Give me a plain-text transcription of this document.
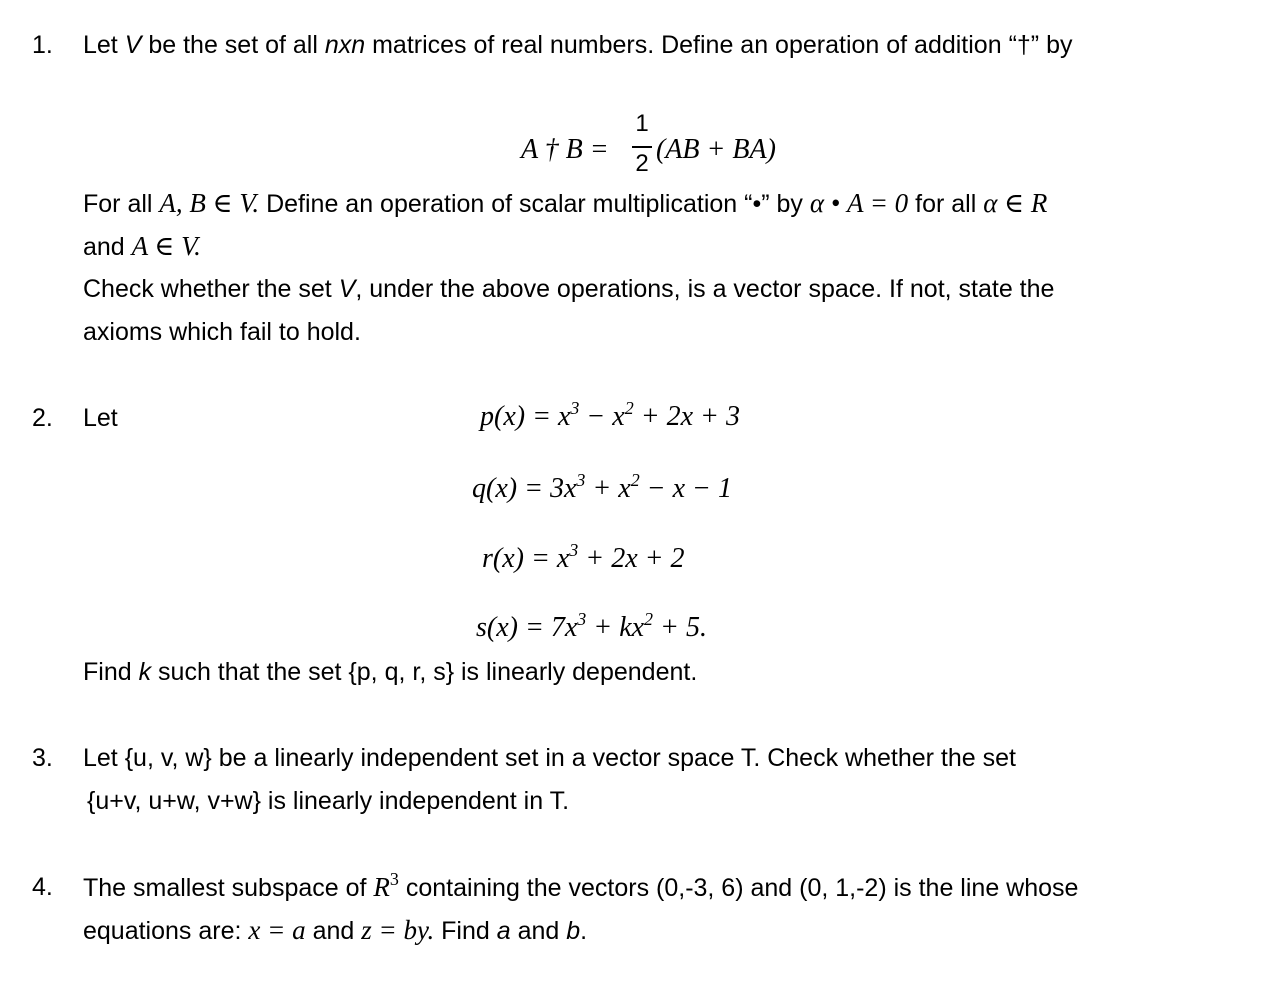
1. Let V be the set of all nxn matrices of real numbers. Define an operation of addition “†” by
A † B =
1
2 (AB + BA)
For all A, B ∈ V. Define an operation of scalar multiplication “•” by α • A = 0 for all α ∈ R
and A ∈ V.
Check whether the set V, under the above operations, is a vector space. If not, state the
axioms which fail to hold.
2. Let	$p(x) = x^3 - x^2 + 2x + 3$
$q(x) = 3x^3 + x^2 - x - 1$
$r(x) = x^3 + 2x + 2$
$s(x) = 7x^3 + kx^2 + 5$.
Find k such that the set {p, q, r, s} is linearly dependent.
3. Let {u, v, w} be a linearly independent set in a vector space T. Check whether the set
{u+v, u+w, v+w} is linearly independent in T.
4. The smallest subspace of $R^3$ containing the vectors (0,-3, 6) and (0, 1,-2) is the line whose
equations are: x = a and z = by. Find a and b.
